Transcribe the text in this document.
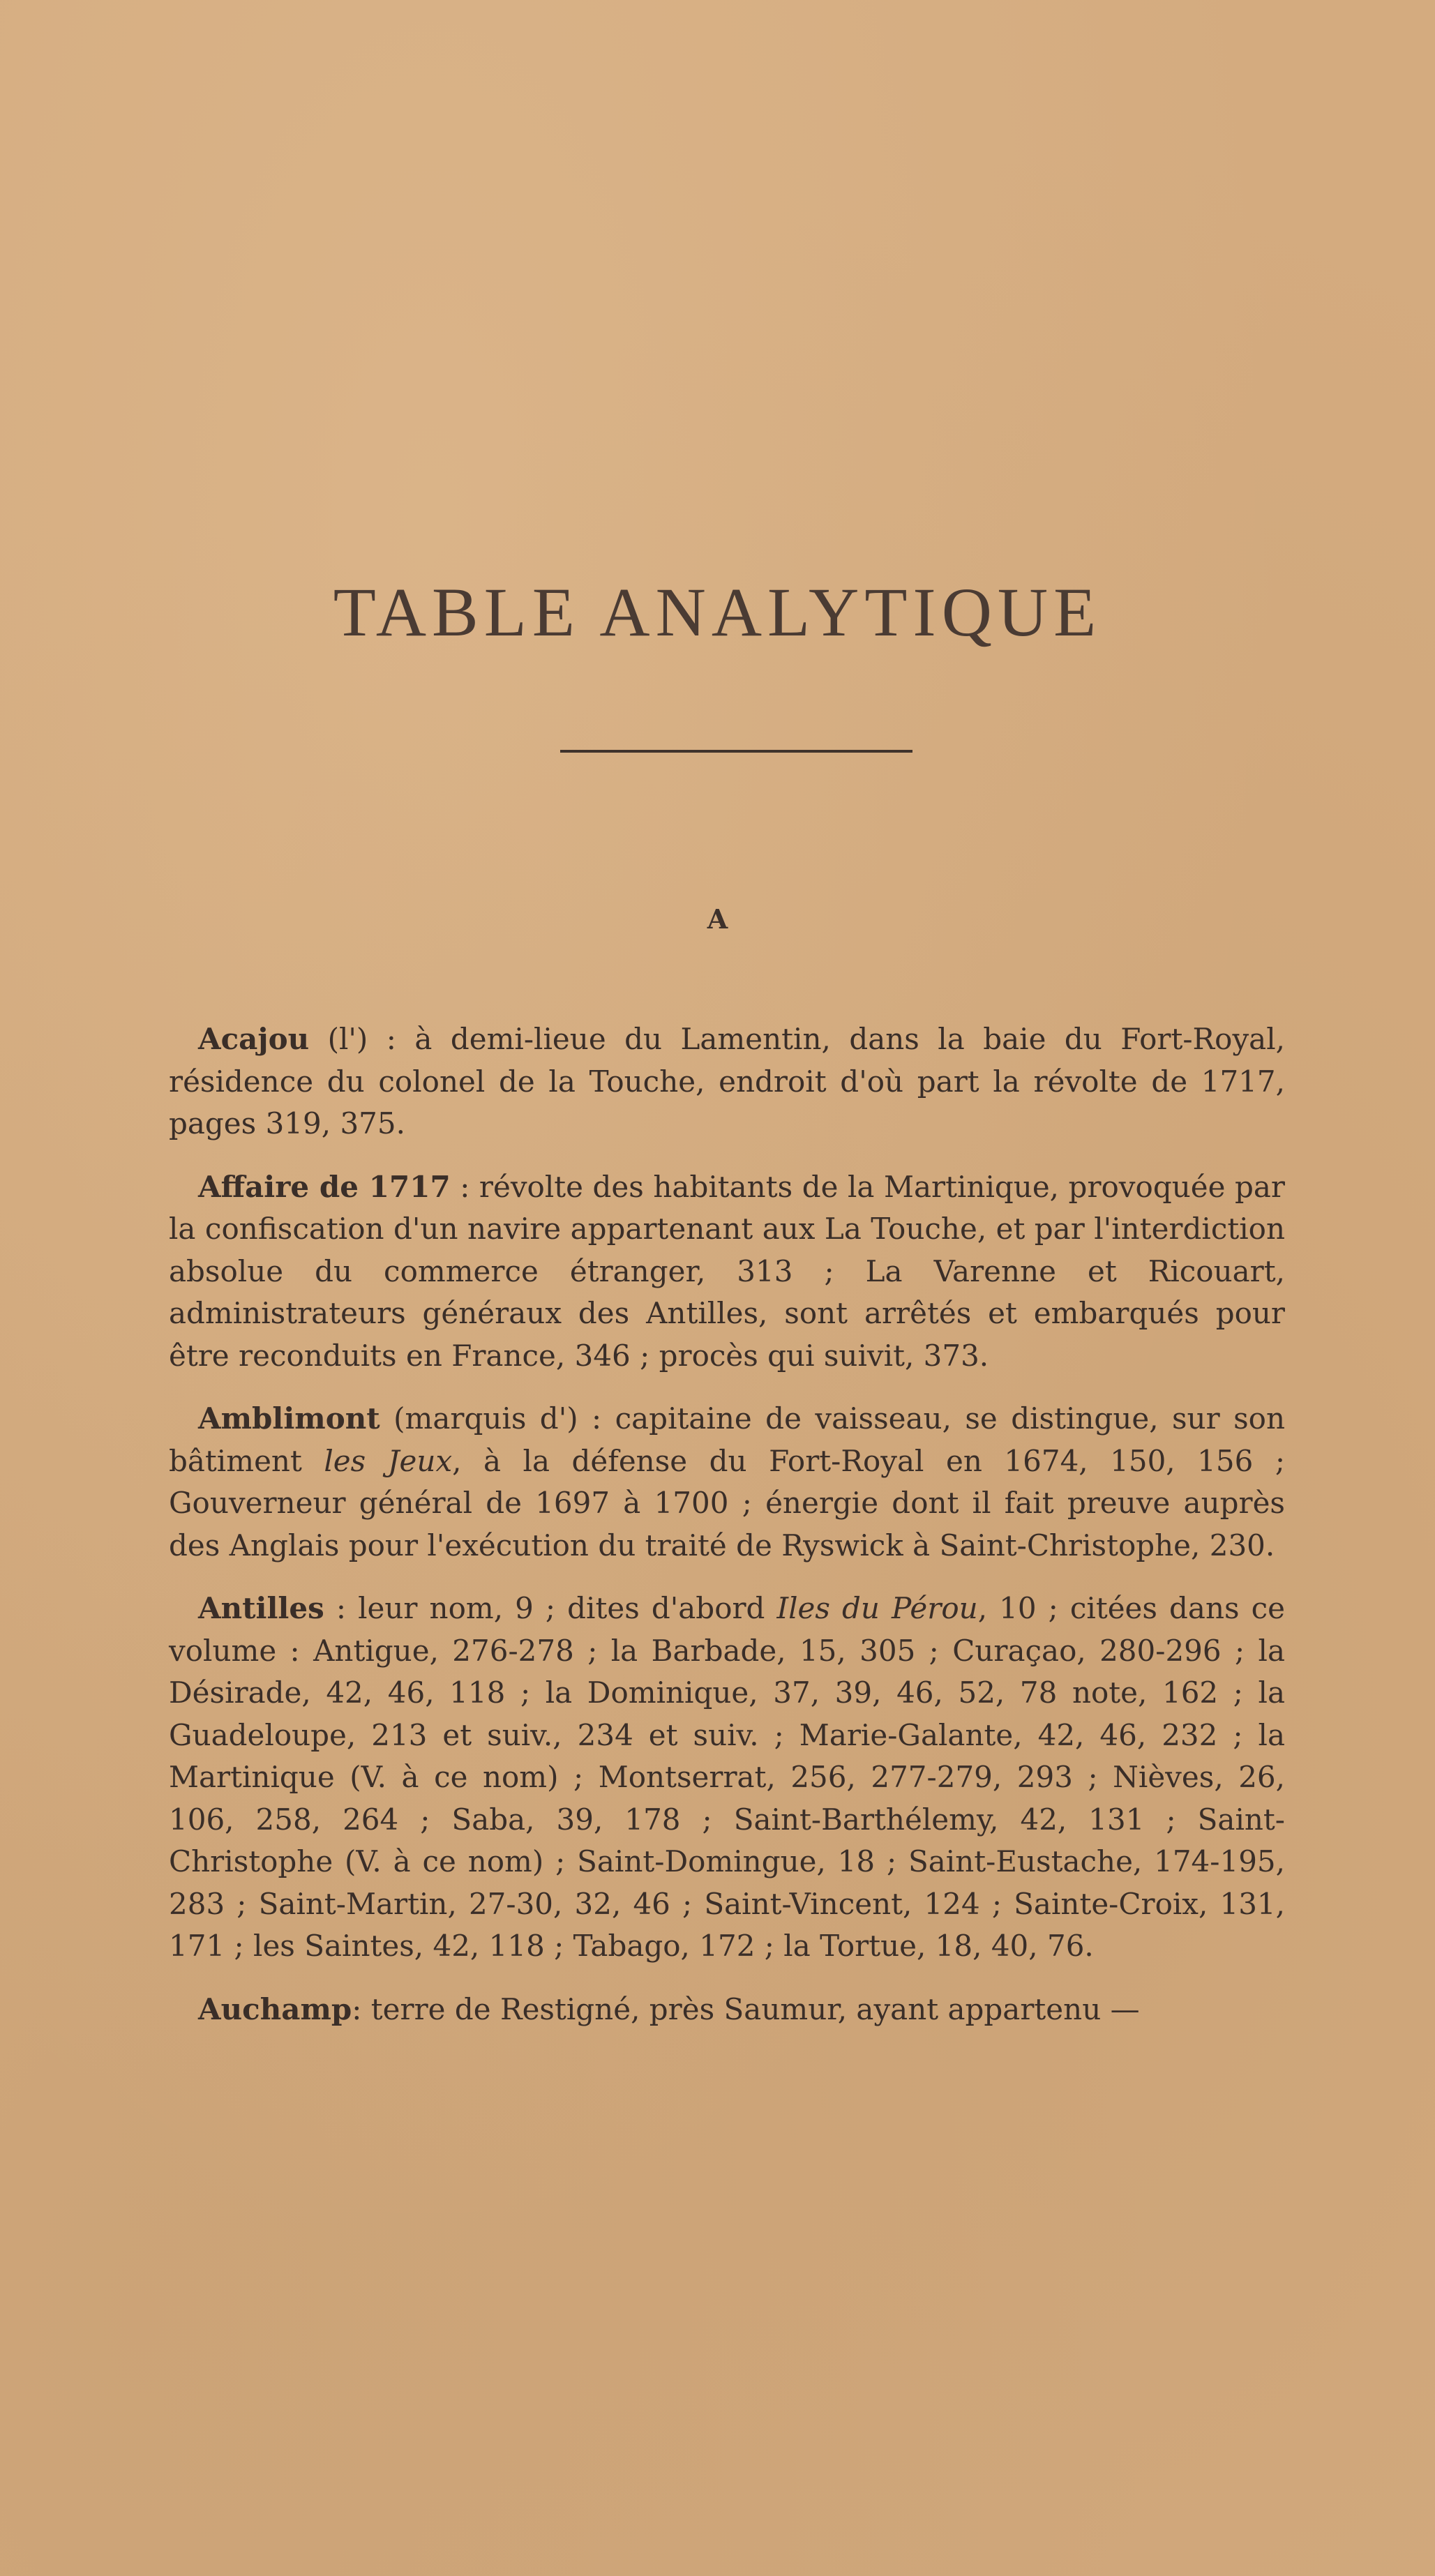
TABLE ANALYTIQUE
A

Acajou (l') : à demi-lieue du Lamentin, dans la baie du Fort-Royal, résidence du colonel de la Touche, endroit d'où part la révolte de 1717, pages 319, 375.

Affaire de 1717 : révolte des habitants de la Martinique, provoquée par la confiscation d'un navire appartenant aux La Touche, et par l'interdiction absolue du commerce étranger, 313 ; La Varenne et Ricouart, administrateurs généraux des Antilles, sont arrêtés et embarqués pour être reconduits en France, 346 ; procès qui suivit, 373.

Amblimont (marquis d') : capitaine de vaisseau, se distingue, sur son bâtiment les Jeux, à la défense du Fort-Royal en 1674, 150, 156 ; Gouverneur général de 1697 à 1700 ; énergie dont il fait preuve auprès des Anglais pour l'exécution du traité de Ryswick à Saint-Christophe, 230.

Antilles : leur nom, 9 ; dites d'abord Iles du Pérou, 10 ; citées dans ce volume : Antigue, 276-278 ; la Barbade, 15, 305 ; Curaçao, 280-296 ; la Désirade, 42, 46, 118 ; la Dominique, 37, 39, 46, 52, 78 note, 162 ; la Guadeloupe, 213 et suiv., 234 et suiv. ; Marie-Galante, 42, 46, 232 ; la Martinique (V. à ce nom) ; Montserrat, 256, 277-279, 293 ; Nièves, 26, 106, 258, 264 ; Saba, 39, 178 ; Saint-Barthélemy, 42, 131 ; Saint-Christophe (V. à ce nom) ; Saint-Domingue, 18 ; Saint-Eustache, 174-195, 283 ; Saint-Martin, 27-30, 32, 46 ; Saint-Vincent, 124 ; Sainte-Croix, 131, 171 ; les Saintes, 42, 118 ; Tabago, 172 ; la Tortue, 18, 40, 76.

Auchamp: terre de Restigné, près Saumur, ayant appartenu —
